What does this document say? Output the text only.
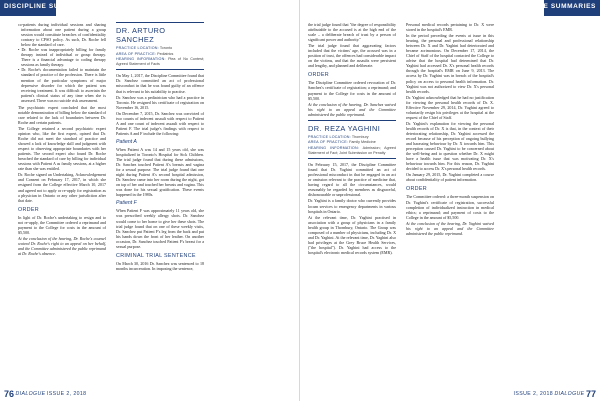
DISCIPLINE SUMMARIES

co-patients during individual sessions and sharing information about one patient during a group session would constitute breaches of confidentiality contrary to CPSO policy. As such, Dr. Roche fell below the standard of care.

• Dr. Roche was inappropriately billing for family therapy instead of individual or group therapy. There is a financial advantage to coding therapy sessions as family therapy.

• Dr. Roche's documentation failed to maintain the standard of practice of the profession. There is little mention of the particular symptoms of major depressive disorder for which the patient was receiving treatment. It was difficult to ascertain the patient's clinical status of any time when she is assessed. There was no suicide risk assessment.

The psychiatric expert concluded that the most notable demonstration of billing below the standard of care related to the lack of boundaries between Dr. Roche and certain patients.

The College retained a second psychiatric expert opinion who, like the first expert, opined that Dr. Roche did not meet the standard of practice and showed a lack of knowledge skill and judgment with respect to observing appropriate boundaries with her patients. The second expert also found Dr. Roche breached the standard of care by billing for individual sessions with Patient A as family sessions, at a higher rate than she was entitled.

Dr. Roche signed an Undertaking, Acknowledgement and Consent on February 17, 2017, in which she resigned from the College effective March 10, 2017 and agreed not to apply or re-apply for registration as a physician in Ontario or any other jurisdiction after that date.

ORDER

In light of Dr. Roche's undertaking to resign and to not re-apply, the Committee ordered a reprimand and payment to the College for costs in the amount of $5,500.

At the conclusion of the hearing, Dr. Roche's counsel waived Dr. Roche's right to an appeal on her behalf, and the Committee administered the public reprimand at Dr. Roche's absence.

DR. ARTURO SANCHEZ

PRACTICE LOCATION: Toronto

AREA OF PRACTICE: Pediatrics

HEARING INFORMATION: Plea of No Contest; Agreed Statement of Facts

On May 1, 2017, the Discipline Committee found that Dr. Sanchez committed an act of professional misconduct in that he was found guilty of an offence that is relevant to his suitability to practise.

Dr. Sanchez was a pediatrician who had a practice in Toronto. He resigned his certificate of registration on November 16, 2015.

On December 7, 2015, Dr. Sanchez was convicted of two counts of indecent assault with respect to Patient A and one count of indecent assault with respect to Patient F. The trial judge's findings with respect to Patients A and F include the following:

Patient A

When Patient A was 14 and 15 years old, she was hospitalized in Toronto's Hospital for Sick Children. The trial judge found that during these admissions, Dr. Sanchez touched Patient A's breasts and vagina for a sexual purpose. The trial judge found that one night during Patient A's second hospital admission, Dr. Sanchez came into her room during the night, got on top of her and touched her breasts and vagina. This was done for his sexual gratification. These events happened in the 1980s.

Patient F

When Patient F was approximately 11 years old, she was prescribed weekly allergy shots. Dr. Sanchez would come to her home to give her these shots. The trial judge found that on one of these weekly visits, Dr. Sanchez put Patient F's leg from the back and put his hands down the front of her leather. On another occasion, Dr. Sanchez touched Patient F's breast for a sexual purpose.

CRIMINAL TRIAL SENTENCE

On March 30, 2016 Dr. Sanchez was sentenced to 18 months incarceration. In imposing the sentence,

76 DIALOGUE ISSUE 2, 2018
DISCIPLINE SUMMARIES

the trial judge found that "the degree of responsibility attributable to the accused is at the high end of the scale – a deliberate breach of trust by a person of significant power and authority."

The trial judge found that aggravating factors included that the victims' age, the accused was in a position of trust, the offences had considerable impact on the victims, and that the assaults were persistent and lengthy, and planned and deliberate.

ORDER

The Discipline Committee ordered revocation of Dr. Sanchez's certificate of registration; a reprimand; and payment to the College for costs in the amount of $5,500.

At the conclusion of the hearing, Dr. Sanchez waived his right to an appeal and the Committee administered the public reprimand.

DR. REZA YAGHINI

PRACTICE LOCATION: Thornbury

AREA OF PRACTICE: Family Medicine

HEARING INFORMATION: Admission; Agreed Statement of Fact; Joint Submission on Penalty

On February 15, 2017, the Discipline Committee found that Dr. Yaghini committed an act of professional misconduct in that he engaged in an act or omission relevant to the practice of medicine that, having regard to all the circumstances, would reasonably be regarded by members as disgraceful, dishonourable or unprofessional.

Dr. Yaghini is a family doctor who currently provides locum services to emergency departments in various hospitals in Ontario.

At the relevant time, Dr. Yaghini practised in association with a group of physicians in a family health group in Thornbury, Ontario. The Group was composed of a number of physicians, including Dr. X and Dr. Yaghini. At the relevant time, Dr. Yaghini also had privileges at the Grey Bruce Health Services, ("the hospital"). Dr. Yaghini had access to the hospital's electronic medical records system (EMR).

Personal medical records pertaining to Dr. X were stored in the hospital's EMR.

In the period preceding the events at issue in this hearing, the personal and professional relationship between Dr. X and Dr. Yaghini had deteriorated and became acrimonious. On December 17, 2014, the Chief of Staff of the hospital contacted the College to advise that the hospital had determined that Dr. Yaghini had accessed Dr. X's personal health records through the hospital's EMR on June 9, 2013. The access by Dr. Yaghini was in breach of the hospital's policy on access to personal health information. Dr. Yaghini was not authorized to view Dr. X's personal health records.

Dr. Yaghini acknowledged that he had no justification for viewing the personal health records of Dr. X. Effective November 29, 2014, Dr. Yaghini agreed to voluntarily resign his privileges at the hospital at the request of the Chief of Staff.

Dr. Yaghini's explanation for viewing the personal health records of Dr. X is that, in the context of their deteriorating relationship, Dr. Yaghini accessed the record because of his perception of ongoing bullying and harassing behaviour by Dr. X towards him. This perception caused Dr. Yaghini to be concerned about the well-being and to question whether Dr. X might have a health issue that was motivating Dr. X's behaviour towards him. For this reason, Dr. Yaghini decided to access Dr. X's personal health records.

On January 29, 2015, Dr. Yaghini completed a course about confidentiality of patient information.

ORDER

The Committee ordered: a three-month suspension on Dr. Yaghini's certificate of registration, successful completion of individualized instruction in medical ethics; a reprimand; and payment of costs to the College in the amount of $5,500.

At the conclusion of the hearing, Dr. Yaghini waived his right to an appeal and the Committee administered the public reprimand.

ISSUE 2, 2018 DIALOGUE 77
